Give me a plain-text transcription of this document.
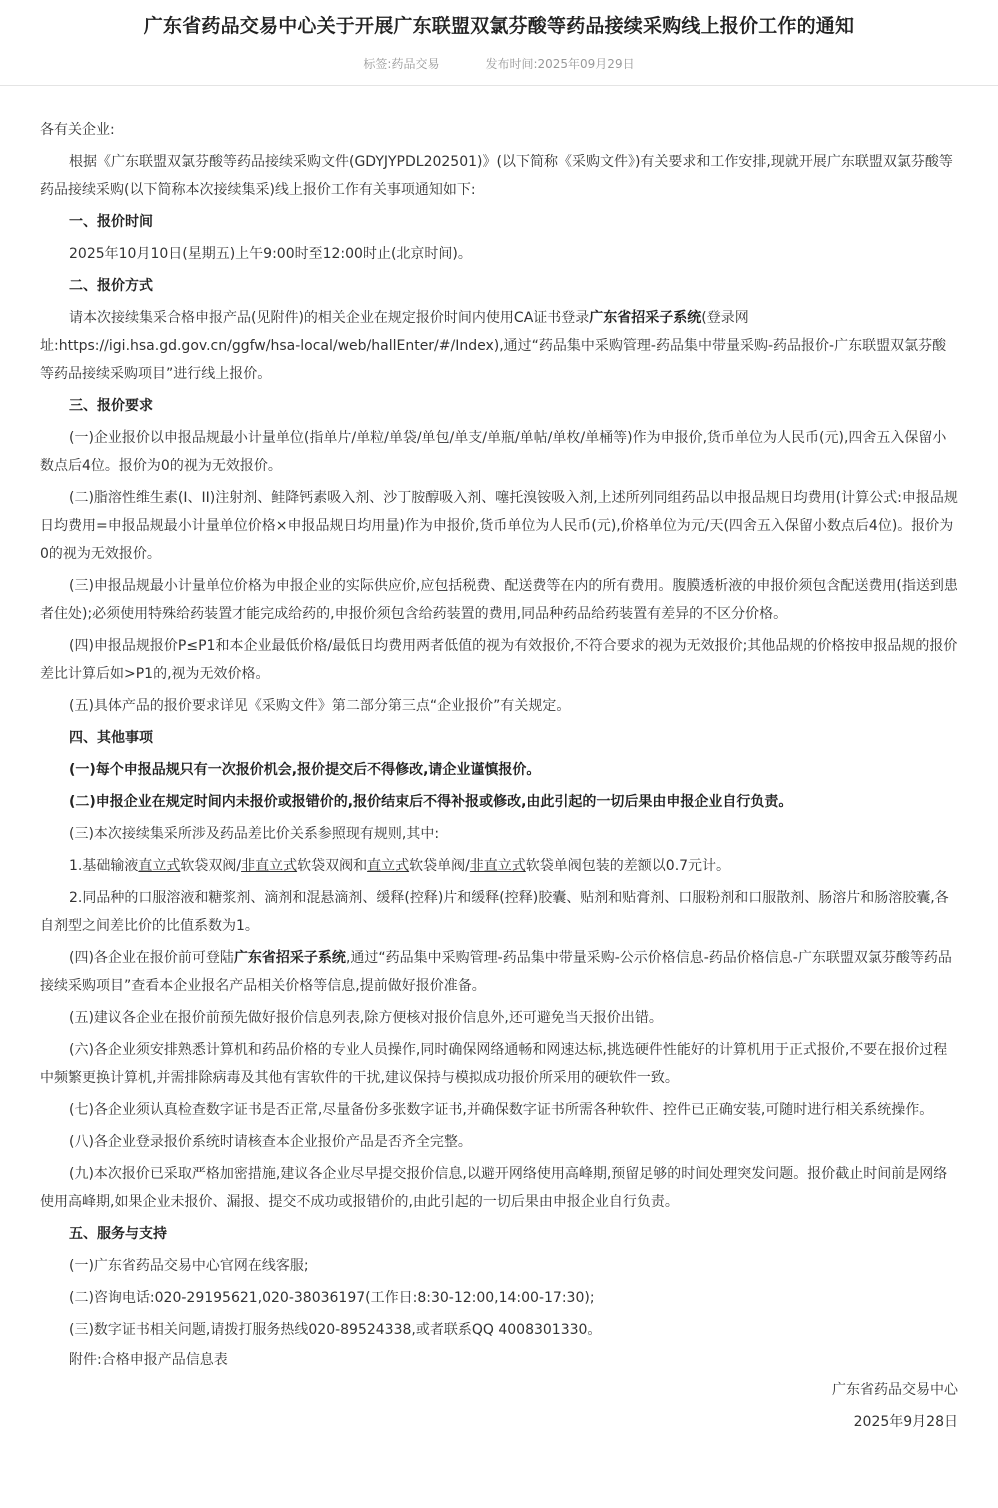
广东省药品交易中心关于开展广东联盟双氯芬酸等药品接续采购线上报价工作的通知
标签:药品交易	发布时间:2025年09月29日

各有关企业:

根据《广东联盟双氯芬酸等药品接续采购文件(GDYJYPDL202501)》(以下简称《采购文件》)有关要求和工作安排,现就开展广东联盟双氯芬酸等药品接续采购(以下简称本次接续集采)线上报价工作有关事项通知如下:

一、报价时间

2025年10月10日(星期五)上午9:00时至12:00时止(北京时间)。

二、报价方式

请本次接续集采合格申报产品(见附件)的相关企业在规定报价时间内使用CA证书登录广东省招采子系统(登录网址:https://igi.hsa.gd.gov.cn/ggfw/hsa-local/web/hallEnter/#/Index),通过“药品集中采购管理-药品集中带量采购-药品报价-广东联盟双氯芬酸等药品接续采购项目”进行线上报价。

三、报价要求

(一)企业报价以申报品规最小计量单位(指单片/单粒/单袋/单包/单支/单瓶/单帖/单枚/单桶等)作为申报价,货币单位为人民币(元),四舍五入保留小数点后4位。报价为0的视为无效报价。

(二)脂溶性维生素(I、II)注射剂、鲑降钙素吸入剂、沙丁胺醇吸入剂、噻托溴铵吸入剂,上述所列同组药品以申报品规日均费用(计算公式:申报品规日均费用=申报品规最小计量单位价格×申报品规日均用量)作为申报价,货币单位为人民币(元),价格单位为元/天(四舍五入保留小数点后4位)。报价为0的视为无效报价。

(三)申报品规最小计量单位价格为申报企业的实际供应价,应包括税费、配送费等在内的所有费用。腹膜透析液的申报价须包含配送费用(指送到患者住处);必须使用特殊给药装置才能完成给药的,申报价须包含给药装置的费用,同品种药品给药装置有差异的不区分价格。

(四)申报品规报价P≤P1和本企业最低价格/最低日均费用两者低值的视为有效报价,不符合要求的视为无效报价;其他品规的价格按申报品规的报价差比计算后如>P1的,视为无效价格。

(五)具体产品的报价要求详见《采购文件》第二部分第三点“企业报价”有关规定。

四、其他事项

(一)每个申报品规只有一次报价机会,报价提交后不得修改,请企业谨慎报价。

(二)申报企业在规定时间内未报价或报错价的,报价结束后不得补报或修改,由此引起的一切后果由申报企业自行负责。

(三)本次接续集采所涉及药品差比价关系参照现有规则,其中:

1.基础输液直立式软袋双阀/非直立式软袋双阀和直立式软袋单阀/非直立式软袋单阀包装的差额以0.7元计。

2.同品种的口服溶液和糖浆剂、滴剂和混悬滴剂、缓释(控释)片和缓释(控释)胶囊、贴剂和贴膏剂、口服粉剂和口服散剂、肠溶片和肠溶胶囊,各自剂型之间差比价的比值系数为1。

(四)各企业在报价前可登陆广东省招采子系统,通过“药品集中采购管理-药品集中带量采购-公示价格信息-药品价格信息-广东联盟双氯芬酸等药品接续采购项目”查看本企业报名产品相关价格等信息,提前做好报价准备。

(五)建议各企业在报价前预先做好报价信息列表,除方便核对报价信息外,还可避免当天报价出错。

(六)各企业须安排熟悉计算机和药品价格的专业人员操作,同时确保网络通畅和网速达标,挑选硬件性能好的计算机用于正式报价,不要在报价过程中频繁更换计算机,并需排除病毒及其他有害软件的干扰,建议保持与模拟成功报价所采用的硬软件一致。

(七)各企业须认真检查数字证书是否正常,尽量备份多张数字证书,并确保数字证书所需各种软件、控件已正确安装,可随时进行相关系统操作。

(八)各企业登录报价系统时请核查本企业报价产品是否齐全完整。

(九)本次报价已采取严格加密措施,建议各企业尽早提交报价信息,以避开网络使用高峰期,预留足够的时间处理突发问题。报价截止时间前是网络使用高峰期,如果企业未报价、漏报、提交不成功或报错价的,由此引起的一切后果由申报企业自行负责。

五、服务与支持

(一)广东省药品交易中心官网在线客服;

(二)咨询电话:020-29195621,020-38036197(工作日:8:30-12:00,14:00-17:30);

(三)数字证书相关问题,请拨打服务热线020-89524338,或者联系QQ 4008301330。

附件:合格申报产品信息表

广东省药品交易中心

2025年9月28日
